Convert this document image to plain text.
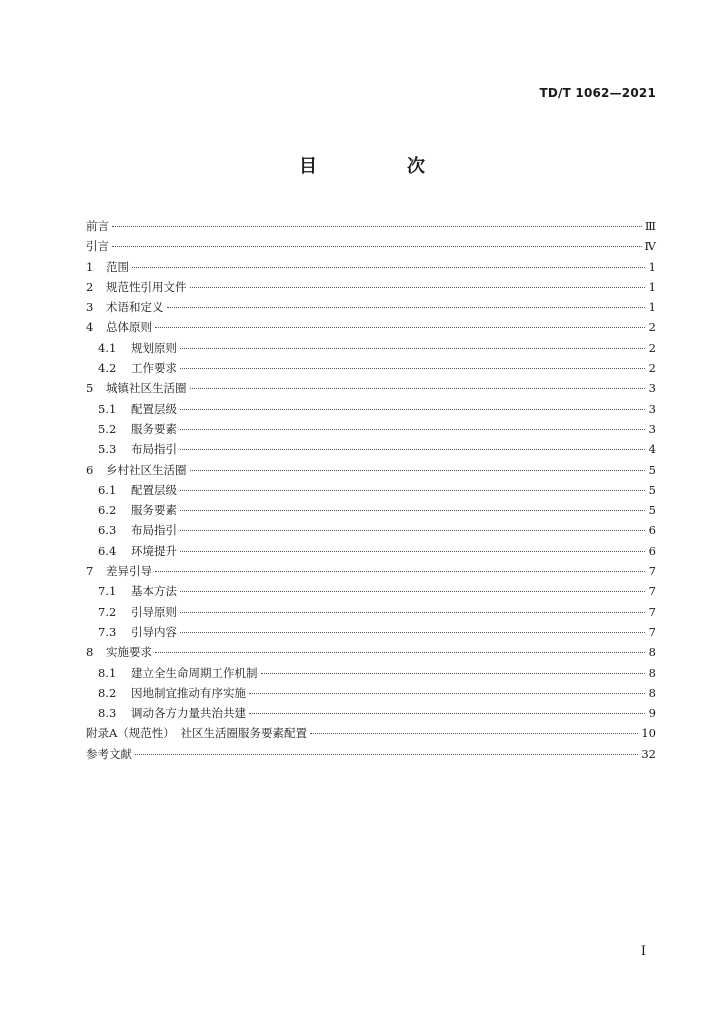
TD/T 1062—2021
目　次
前言	Ⅲ
引言	Ⅳ
1	范围	1
2	规范性引用文件	1
3	术语和定义	1
4	总体原则	2
4.1	规划原则	2
4.2	工作要求	2
5	城镇社区生活圈	3
5.1	配置层级	3
5.2	服务要素	3
5.3	布局指引	4
6	乡村社区生活圈	5
6.1	配置层级	5
6.2	服务要素	5
6.3	布局指引	6
6.4	环境提升	6
7	差异引导	7
7.1	基本方法	7
7.2	引导原则	7
7.3	引导内容	7
8	实施要求	8
8.1	建立全生命周期工作机制	8
8.2	因地制宜推动有序实施	8
8.3	调动各方力量共治共建	9
附录A（规范性）　社区生活圈服务要素配置	10
参考文献	32
I
